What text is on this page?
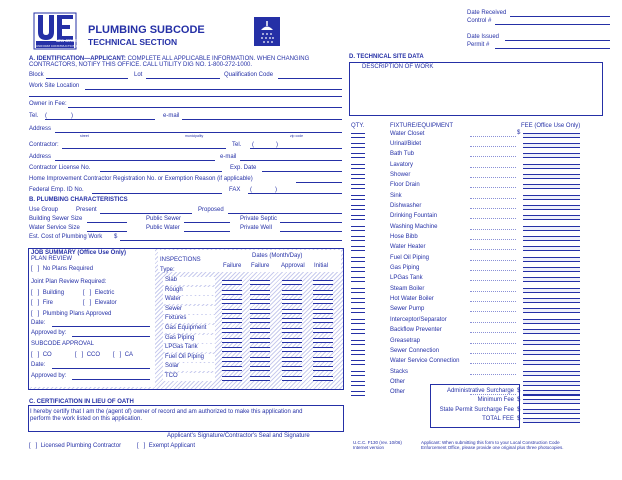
NEW JERSEY
UNIFORM CONSTRUCTION CODE
PLUMBING SUBCODE
TECHNICAL SECTION
Date Received
Control #
Date Issued
Permit #
A. IDENTIFICATION—APPLICANT: COMPLETE ALL APPLICABLE INFORMATION. WHEN CHANGING
CONTRACTORS, NOTIFY THIS OFFICE. CALL UTILITY DIG NO. 1-800-272-1000.
Block	Lot	Qualification Code
Work Site Location
Owner in Fee:
Tel. (	)	e-mail
Address
street	municipality	zip code
Contractor:	Tel. (	)
Address	e-mail
Contractor License No.	Exp. Date
Home Improvement Contractor Registration No. or Exemption Reason (if applicable)
Federal Emp. ID No.	FAX (	)
B. PLUMBING CHARACTERISTICS
Use Group	Present	Proposed
Building Sewer Size	Public Sewer	Private Septic
Water Service Size	Public Water	Private Well
Est. Cost of Plumbing Work $
JOB SUMMARY (Office Use Only)
PLAN REVIEW
[   ] No Plans Required
Joint Plan Review Required:
[   ] Building	[   ] Electric
[   ] Fire	[   ] Elevator
[   ] Plumbing Plans Approved
Date:
Approved by:
SUBCODE APPROVAL
[   ] CO	[   ] CCO [   ] CA
Date:
Approved by:
INSPECTIONS
Type:
Dates (Month/Day)
Failure Failure Approval Initial
Slab
Rough
Water
Sewer
Fixtures
Gas Equipment
Gas Piping
LPGas Tank
Fuel Oil Piping
Solar
TCO
C. CERTIFICATION IN LIEU OF OATH
I hereby certify that I am the (agent of) owner of record and am authorized to make this application and
perform the work listed on this application.
Applicant's Signature/Contractor's Seal and Signature
[   ] Licensed Plumbing Contractor	[   ] Exempt Applicant
D. TECHNICAL SITE DATA
DESCRIPTION OF WORK
QTY.	FIXTURE/EQUIPMENT	FEE (Office Use Only)
$
Water Closet
Urinal/Bidet
Bath Tub
Lavatory
Shower
Floor Drain
Sink
Dishwasher
Drinking Fountain
Washing Machine
Hose Bibb
Water Heater
Fuel Oil Piping
Gas Piping
LPGas Tank
Steam Boiler
Hot Water Boiler
Sewer Pump
Interceptor/Separator
Backflow Preventer
Greasetrap
Sewer Connection
Water Service Connection
Stacks
Other
Other	Administrative Surcharge $
Minimum Fee $
State Permit Surcharge Fee $
TOTAL FEE $
U.C.C. F130 (rev. 10/06)
Internet version
Applicant: When submitting this form to your Local Construction Code
Enforcement Office, please provide one original plus three photocopies.
